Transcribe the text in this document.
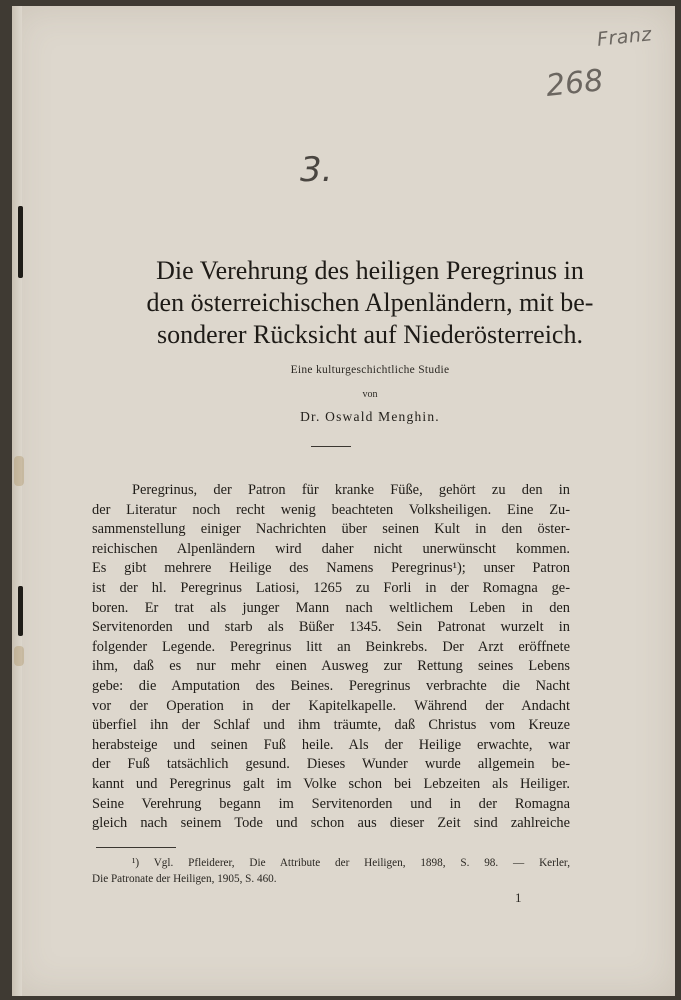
Franz
268
3.
Die Verehrung des heiligen Peregrinus in
den österreichischen Alpenländern, mit be-
sonderer Rücksicht auf Niederösterreich.
Eine kulturgeschichtliche Studie
von
Dr. Oswald Menghin.
Peregrinus, der Patron für kranke Füße, gehört zu den in
der Literatur noch recht wenig beachteten Volksheiligen. Eine Zu-
sammenstellung einiger Nachrichten über seinen Kult in den öster-
reichischen Alpenländern wird daher nicht unerwünscht kommen.
Es gibt mehrere Heilige des Namens Peregrinus¹); unser Patron
ist der hl. Peregrinus Latiosi, 1265 zu Forli in der Romagna ge-
boren. Er trat als junger Mann nach weltlichem Leben in den
Servitenorden und starb als Büßer 1345. Sein Patronat wurzelt in
folgender Legende. Peregrinus litt an Beinkrebs. Der Arzt eröffnete
ihm, daß es nur mehr einen Ausweg zur Rettung seines Lebens
gebe: die Amputation des Beines. Peregrinus verbrachte die Nacht
vor der Operation in der Kapitelkapelle. Während der Andacht
überfiel ihn der Schlaf und ihm träumte, daß Christus vom Kreuze
herabsteige und seinen Fuß heile. Als der Heilige erwachte, war
der Fuß tatsächlich gesund. Dieses Wunder wurde allgemein be-
kannt und Peregrinus galt im Volke schon bei Lebzeiten als Heiliger.
Seine Verehrung begann im Servitenorden und in der Romagna
gleich nach seinem Tode und schon aus dieser Zeit sind zahlreiche
¹) Vgl. Pfleiderer, Die Attribute der Heiligen, 1898, S. 98. — Kerler,
Die Patronate der Heiligen, 1905, S. 460.
1
